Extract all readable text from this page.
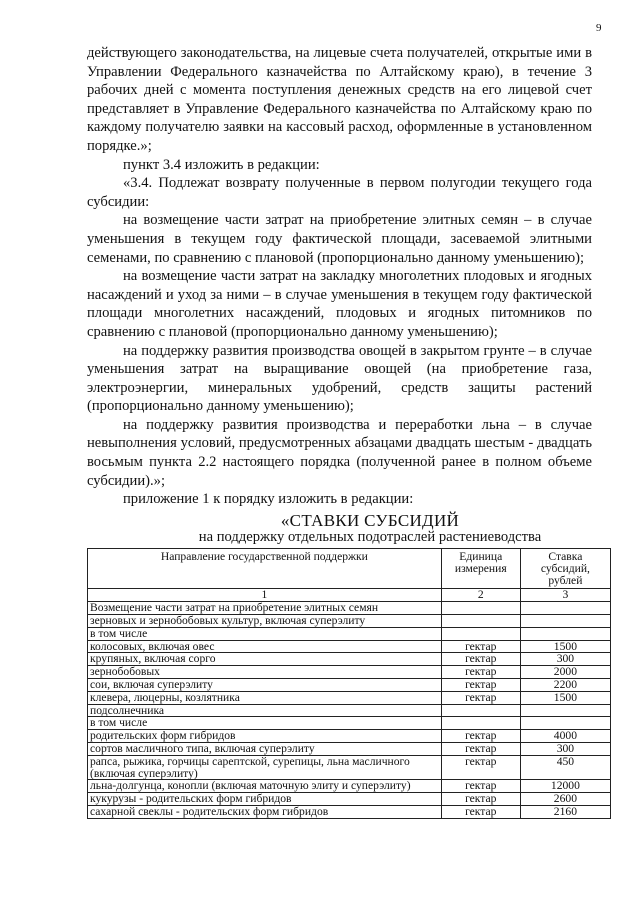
9

действующего законодательства, на лицевые счета получателей, открытые ими в Управлении Федерального казначейства по Алтайскому краю), в течение 3 рабочих дней с момента поступления денежных средств на его лицевой счет представляет в Управление Федерального казначейства по Алтайскому краю по каждому получателю заявки на кассовый расход, оформленные в установленном порядке.»;

пункт 3.4 изложить в редакции:

«3.4. Подлежат возврату полученные в первом полугодии текущего года субсидии:

на возмещение части затрат на приобретение элитных семян – в случае уменьшения в текущем году фактической площади, засеваемой элитными семенами, по сравнению с плановой (пропорционально данному уменьшению);

на возмещение части затрат на закладку многолетних плодовых и ягодных насаждений и уход за ними – в случае уменьшения в текущем году фактической площади многолетних насаждений, плодовых и ягодных питомников по сравнению с плановой (пропорционально данному уменьшению);

на поддержку развития производства овощей в закрытом грунте – в случае уменьшения затрат на выращивание овощей (на приобретение газа, электроэнергии, минеральных удобрений, средств защиты растений (пропорционально данному уменьшению);

на поддержку развития производства и переработки льна – в случае невыполнения условий, предусмотренных абзацами двадцать шестым - двадцать восьмым пункта 2.2 настоящего порядка (полученной ранее в полном объеме субсидии).»;

приложение 1 к порядку изложить в редакции:

«СТАВКИ СУБСИДИЙ
на поддержку отдельных подотраслей растениеводства
Направление государственной поддержки	Единица измерения	Ставка субсидий, рублей
1	2	3
Возмещение части затрат на приобретение элитных семян		
зерновых и зернобобовых культур, включая суперэлиту		
в том числе		
колосовых, включая овес	гектар	1500
крупяных, включая сорго	гектар	300
зернобобовых	гектар	2000
сои, включая суперэлиту	гектар	2200
клевера, люцерны, козлятника	гектар	1500
подсолнечника		
в том числе		
родительских форм гибридов	гектар	4000
сортов масличного типа, включая суперэлиту	гектар	300
рапса, рыжика, горчицы сарептской, сурепицы, льна масличного (включая суперэлиту)	гектар	450
льна-долгунца, конопли (включая маточную элиту и суперэлиту)	гектар	12000
кукурузы - родительских форм гибридов	гектар	2600
сахарной свеклы - родительских форм гибридов	гектар	2160
